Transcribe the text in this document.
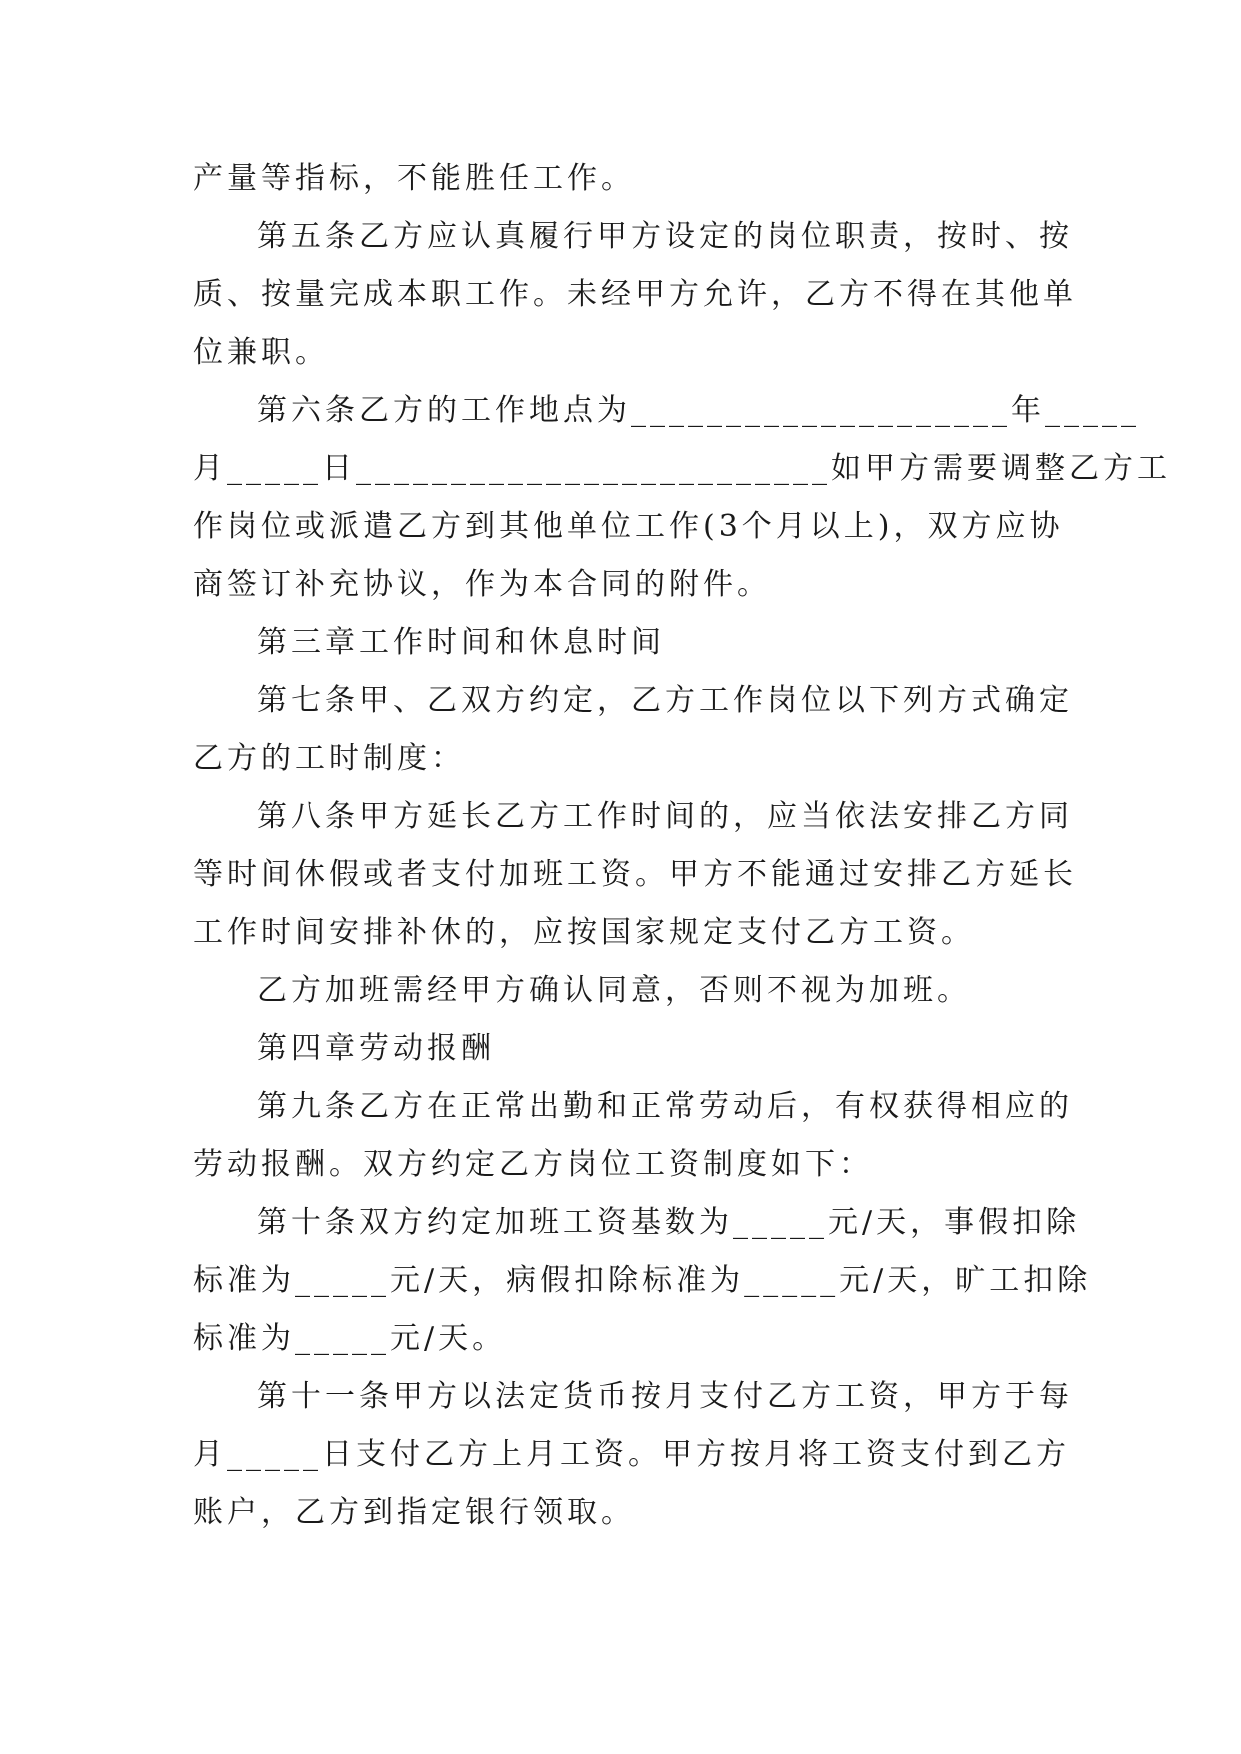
产量等指标，不能胜任工作。
第五条乙方应认真履行甲方设定的岗位职责，按时、按
质、按量完成本职工作。未经甲方允许，乙方不得在其他单
位兼职。
第六条乙方的工作地点为____________________年_____
月_____日_________________________如甲方需要调整乙方工
作岗位或派遣乙方到其他单位工作(3个月以上)，双方应协
商签订补充协议，作为本合同的附件。
第三章工作时间和休息时间
第七条甲、乙双方约定，乙方工作岗位以下列方式确定
乙方的工时制度：
第八条甲方延长乙方工作时间的，应当依法安排乙方同
等时间休假或者支付加班工资。甲方不能通过安排乙方延长
工作时间安排补休的，应按国家规定支付乙方工资。
乙方加班需经甲方确认同意，否则不视为加班。
第四章劳动报酬
第九条乙方在正常出勤和正常劳动后，有权获得相应的
劳动报酬。双方约定乙方岗位工资制度如下：
第十条双方约定加班工资基数为_____元/天，事假扣除
标准为_____元/天，病假扣除标准为_____元/天，旷工扣除
标准为_____元/天。
第十一条甲方以法定货币按月支付乙方工资，甲方于每
月_____日支付乙方上月工资。甲方按月将工资支付到乙方
账户，乙方到指定银行领取。
